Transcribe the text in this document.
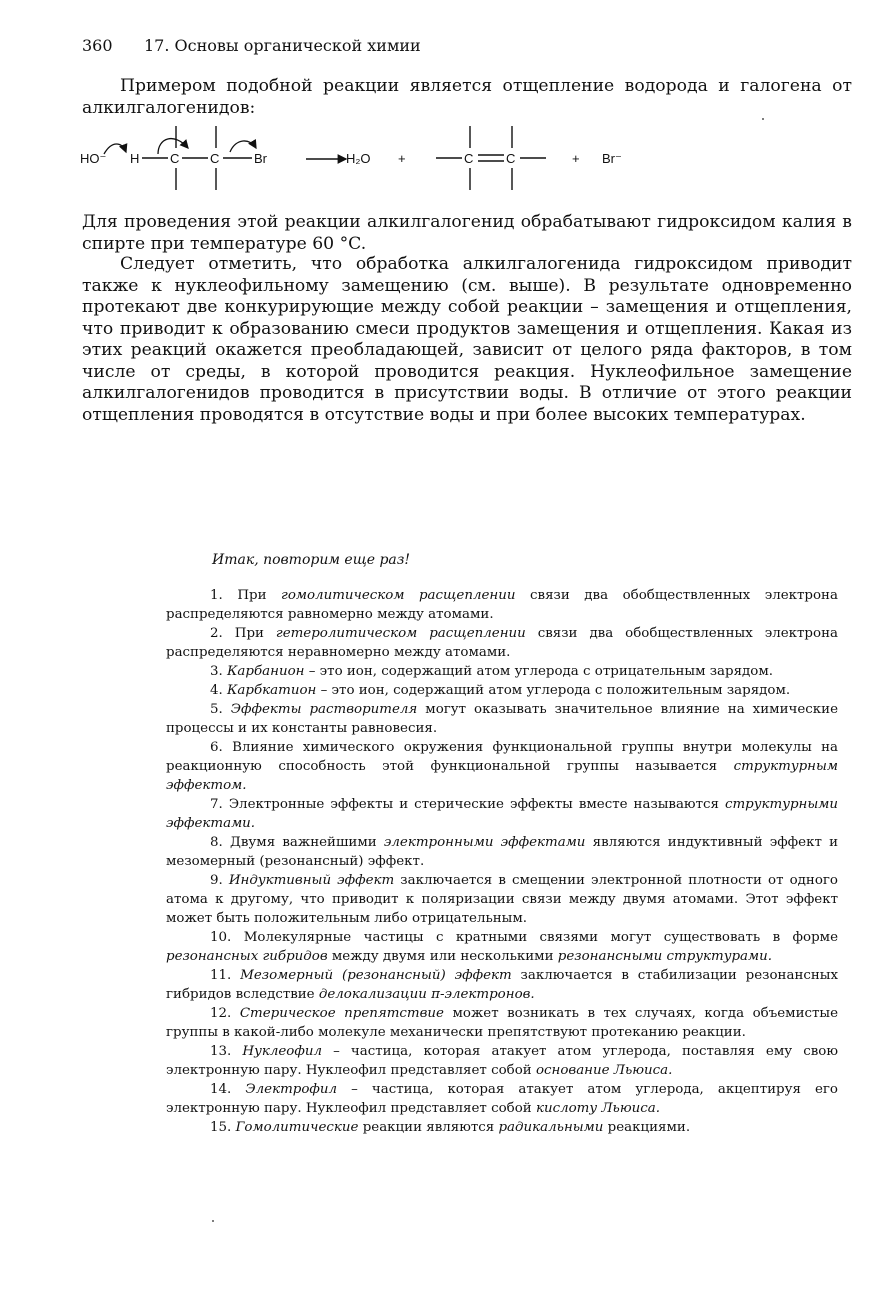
360 17. Основы органической химии

Примером подобной реакции является отщепление водорода и галогена от алкилгалогенидов:

HO⁻ H C C	Br	H₂O +	C	C	+ Br⁻

Для проведения этой реакции алкилгалогенид обрабатывают гидроксидом калия в спирте при температуре 60 °C.

Следует отметить, что обработка алкилгалогенида гидроксидом приводит также к нуклеофильному замещению (см. выше). В результате одновременно протекают две конкурирующие между собой реакции – замещения и отщепления, что приводит к образованию смеси продуктов замещения и отщепления. Какая из этих реакций окажется преобладающей, зависит от целого ряда факторов, в том числе от среды, в которой проводится реакция. Нуклеофильное замещение алкилгалогенидов проводится в присутствии воды. В отличие от этого реакции отщепления проводятся в отсутствие воды и при более высоких температурах.

Итак, повторим еще раз!

1. При гомолитическом расщеплении связи два обобществленных электрона распределяются равномерно между атомами.

2. При гетеролитическом расщеплении связи два обобществленных электрона распределяются неравномерно между атомами.

3. Карбанион – это ион, содержащий атом углерода с отрицательным зарядом.

4. Карбкатион – это ион, содержащий атом углерода с положительным зарядом.

5. Эффекты растворителя могут оказывать значительное влияние на химические процессы и их константы равновесия.

6. Влияние химического окружения функциональной группы внутри молекулы на реакционную способность этой функциональной группы называется структурным эффектом.

7. Электронные эффекты и стерические эффекты вместе называются структурными эффектами.

8. Двумя важнейшими электронными эффектами являются индуктивный эффект и мезомерный (резонансный) эффект.

9. Индуктивный эффект заключается в смещении электронной плотности от одного атома к другому, что приводит к поляризации связи между двумя атомами. Этот эффект может быть положительным либо отрицательным.

10. Молекулярные частицы с кратными связями могут существовать в форме резонансных гибридов между двумя или несколькими резонансными структурами.

11. Мезомерный (резонансный) эффект заключается в стабилизации резонансных гибридов вследствие делокализации π-электронов.

12. Стерическое препятствие может возникать в тех случаях, когда объемистые группы в какой-либо молекуле механически препятствуют протеканию реакции.

13. Нуклеофил – частица, которая атакует атом углерода, поставляя ему свою электронную пару. Нуклеофил представляет собой основание Льюиса.

14. Электрофил – частица, которая атакует атом углерода, акцептируя его электронную пару. Нуклеофил представляет собой кислоту Льюиса.

15. Гомолитические реакции являются радикальными реакциями.
